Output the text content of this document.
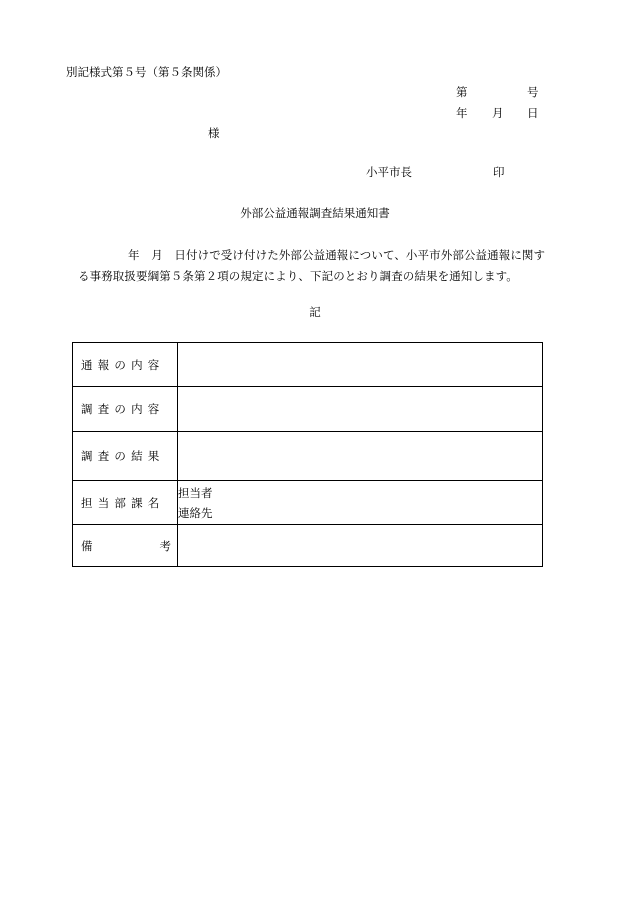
別記様式第５号（第５条関係）
第	号
年 月 日
様
小平市長	印
外部公益通報調査結果通知書
年　月　日付けで受け付けた外部公益通報について、小平市外部公益通報に関する事務取扱要綱第５条第２項の規定により、下記のとおり調査の結果を通知します。
記
通報の内容	
調査の内容	
調査の結果	
担当部課名	担当者
連絡先

備 考	
